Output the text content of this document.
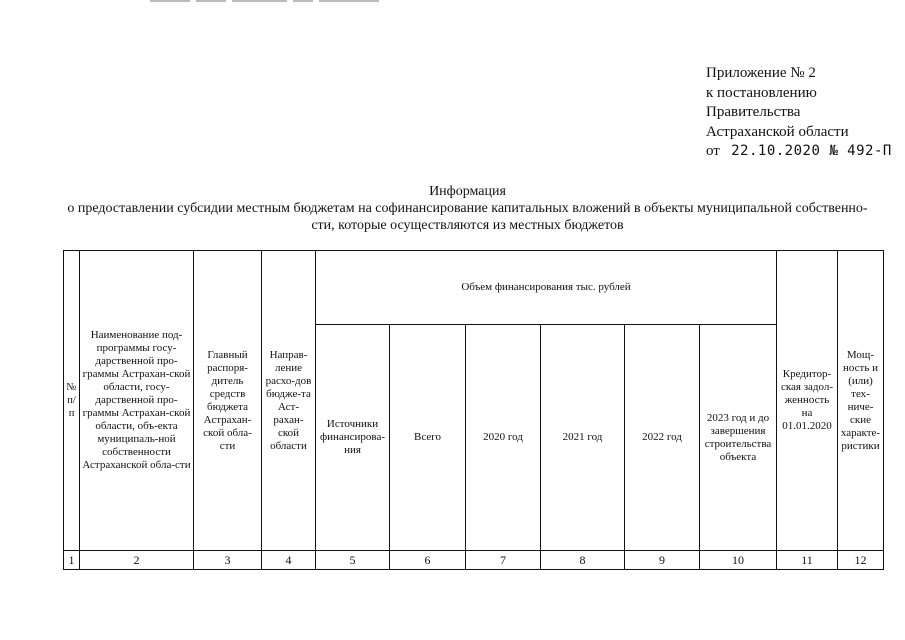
Приложение № 2
к постановлению
Правительства
Астраханской области
от 22.10.2020 № 492-П
Информация
о предоставлении субсидии местным бюджетам на софинансирование капитальных вложений в объекты муниципальной собственно-
сти, которые осуществляются из местных бюджетов
№ п/п	Наименование под-программы госу-дарственной про-граммы Астрахан-ской области, госу-дарственной про-граммы Астрахан-ской области, объ-екта муниципаль-ной собственности Астраханской обла-сти	Главный распоря-дитель средств бюджета Астрахан-ской обла-сти	Направ-ление расхо-дов бюдже-та Аст-рахан-ской области	Объем финансирования тыс. рублей						Кредитор-ская задол-женность на 01.01.2020	Мощ-ность и (или) тех-ниче-ские характе-ристики
				Источники финансирова-ния	Всего	2020 год	2021 год	2022 год	2023 год и до завершения строительства объекта		
1	2	3	4	5	6	7	8	9	10	11	12
